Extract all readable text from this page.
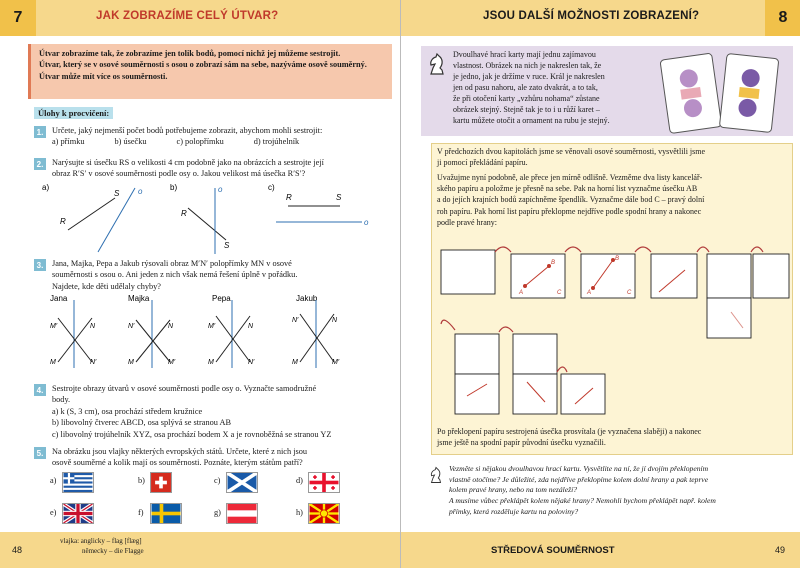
7	JAK ZOBRAZÍME CELÝ ÚTVAR?
Útvar zobrazíme tak, že zobrazíme jen tolik bodů, pomocí nichž jej můžeme sestrojit.
Útvar, který se v osové souměrnosti s osou o zobrazí sám na sebe, nazýváme osově souměrný. Útvar může mít více os souměrnosti.
Úlohy k procvičení:
1.	Určete, jaký nejmenší počet bodů potřebujeme zobrazit, abychom mohli sestrojit:
a) přímku	b) úsečku	c) polopřímku	d) trojúhelník
2.	Narýsujte si úsečku RS o velikosti 4 cm podobně jako na obrázcích a sestrojte její
obraz R′S′ v osové souměrnosti podle osy o. Jakou velikost má úsečka R′S′?
a)	b)	c)
R
S o
R
S
o
R	S
o
3.	Jana, Majka, Pepa a Jakub rýsovali obraz M′N′ polopřímky MN v osové
souměrnosti s osou o. Ani jeden z nich však nemá řešení úplně v pořádku.
Najdete, kde děti udělaly chyby?
Jana	Majka	Pepa	Jakub
M′	N
M	N′
N′	N
M	M′
M′	N
M	N′
N′	N
M	M′
4.	Sestrojte obrazy útvarů v osové souměrnosti podle osy o. Vyznačte samodružné
body.
a) k (S, 3 cm), osa prochází středem kružnice
b) libovolný čtverec ABCD, osa splývá se stranou AB
c) libovolný trojúhelník XYZ, osa prochází bodem X a je rovnoběžná se stranou YZ
5.	Na obrázku jsou vlajky některých evropských států. Určete, které z nich jsou
osově souměrné a kolik mají os souměrnosti. Poznáte, kterým státům patří?
a)	b)	c)	d)
e)	f)	g)	h)
48
vlajka: anglicky – flag [flæg]
německy – die Flagge
8
JSOU DALŠÍ MOŽNOSTI ZOBRAZENÍ?
Dvoulhavé hrací karty mají jednu zajímavou
vlastnost. Obrázek na nich je nakreslen tak, že
je jedno, jak je držíme v ruce. Král je nakreslen
jen od pasu nahoru, ale zato dvakrát, a to tak,
že při otočení karty „vzhůru nohama“ zůstane
obrázek stejný. Stejně tak je to i u růží karet –
kartu můžete otočit a ornament na rubu je stejný.
V předchozích dvou kapitolách jsme se věnovali osové souměrnosti, vysvětlili jsme
ji pomocí překládání papíru.
Uvažujme nyní podobně, ale přece jen mírně odlišně. Vezměme dva listy kancelář-
ského papíru a položme je přesně na sebe. Pak na horní list vyznačme úsečku AB
a do jejích krajních bodů zapíchněme špendlík. Vyznačme dále bod C – pravý dolní
roh papíru. Pak horní list papíru překlopme nejdříve podle spodní hrany a nakonec
podle pravé hrany:
A
B
C	A
B
C
Po překlopení papíru sestrojená úsečka prosvítala (je vyznačena slaběji) a nakonec
jsme ještě na spodní papír původní úsečku vyznačili.
Vezměte si nějakou dvoulhavou hrací kartu. Vysvětlite na ní, že jí dvojím překlopením
vlastně otočíme? Je důležité, zda nejdříve překlopíme kolem dolní hrany a pak teprve
kolem pravé hrany, nebo na tom nezáleží?
A musíme vůbec překlápět kolem nějaké hrany? Nemohli bychom překlápět např. kolem
přímky, která rozděluje kartu na poloviny?
STŘEDOVÁ SOUMĚRNOST	49
